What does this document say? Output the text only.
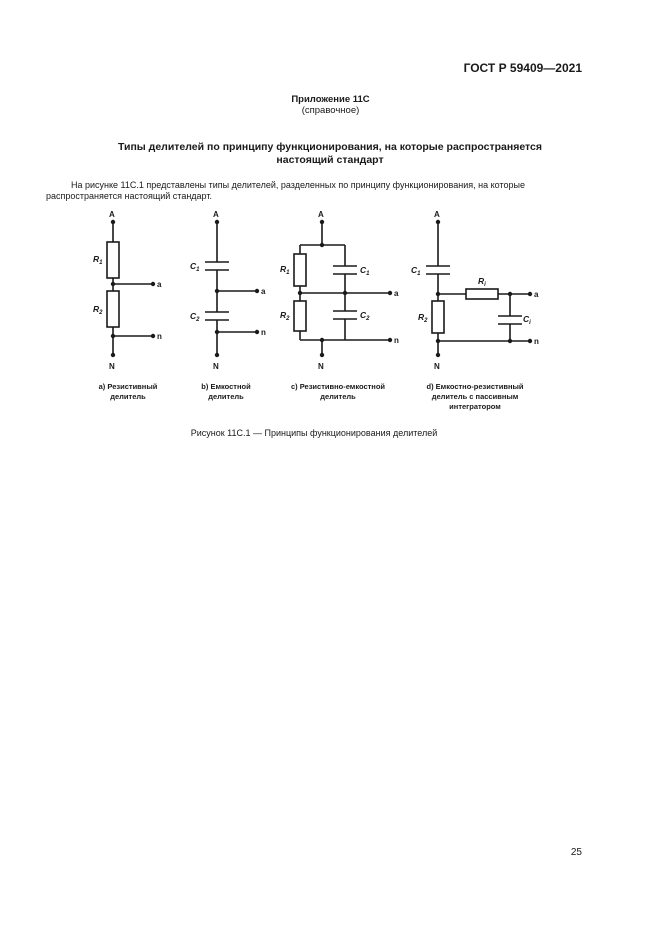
ГОСТ Р 59409—2021
Приложение 11С
(справочное)
Типы делителей по принципу функционирования, на которые распространяется
настоящий стандарт
На рисунке 11С.1 представлены типы делителей, разделенных по принципу функционирования, на которые
распространяется настоящий стандарт.
A
N
a
n
A
N
a
n
A
N
a
n
A
N
a
n
$R_1$
$R_2$
$C_1$
$C_2$
$R_1$
$R_2$
$C_1$
$C_2$
$C_1$
$R_2$
$R_i$
$C_i$
а) Резистивный
делитель
b) Емкостной
делитель
с) Резистивно-емкостной
делитель
d) Емкостно-резистивный
делитель с пассивным
интегратором
Рисунок 11С.1 — Принципы функционирования делителей
25
